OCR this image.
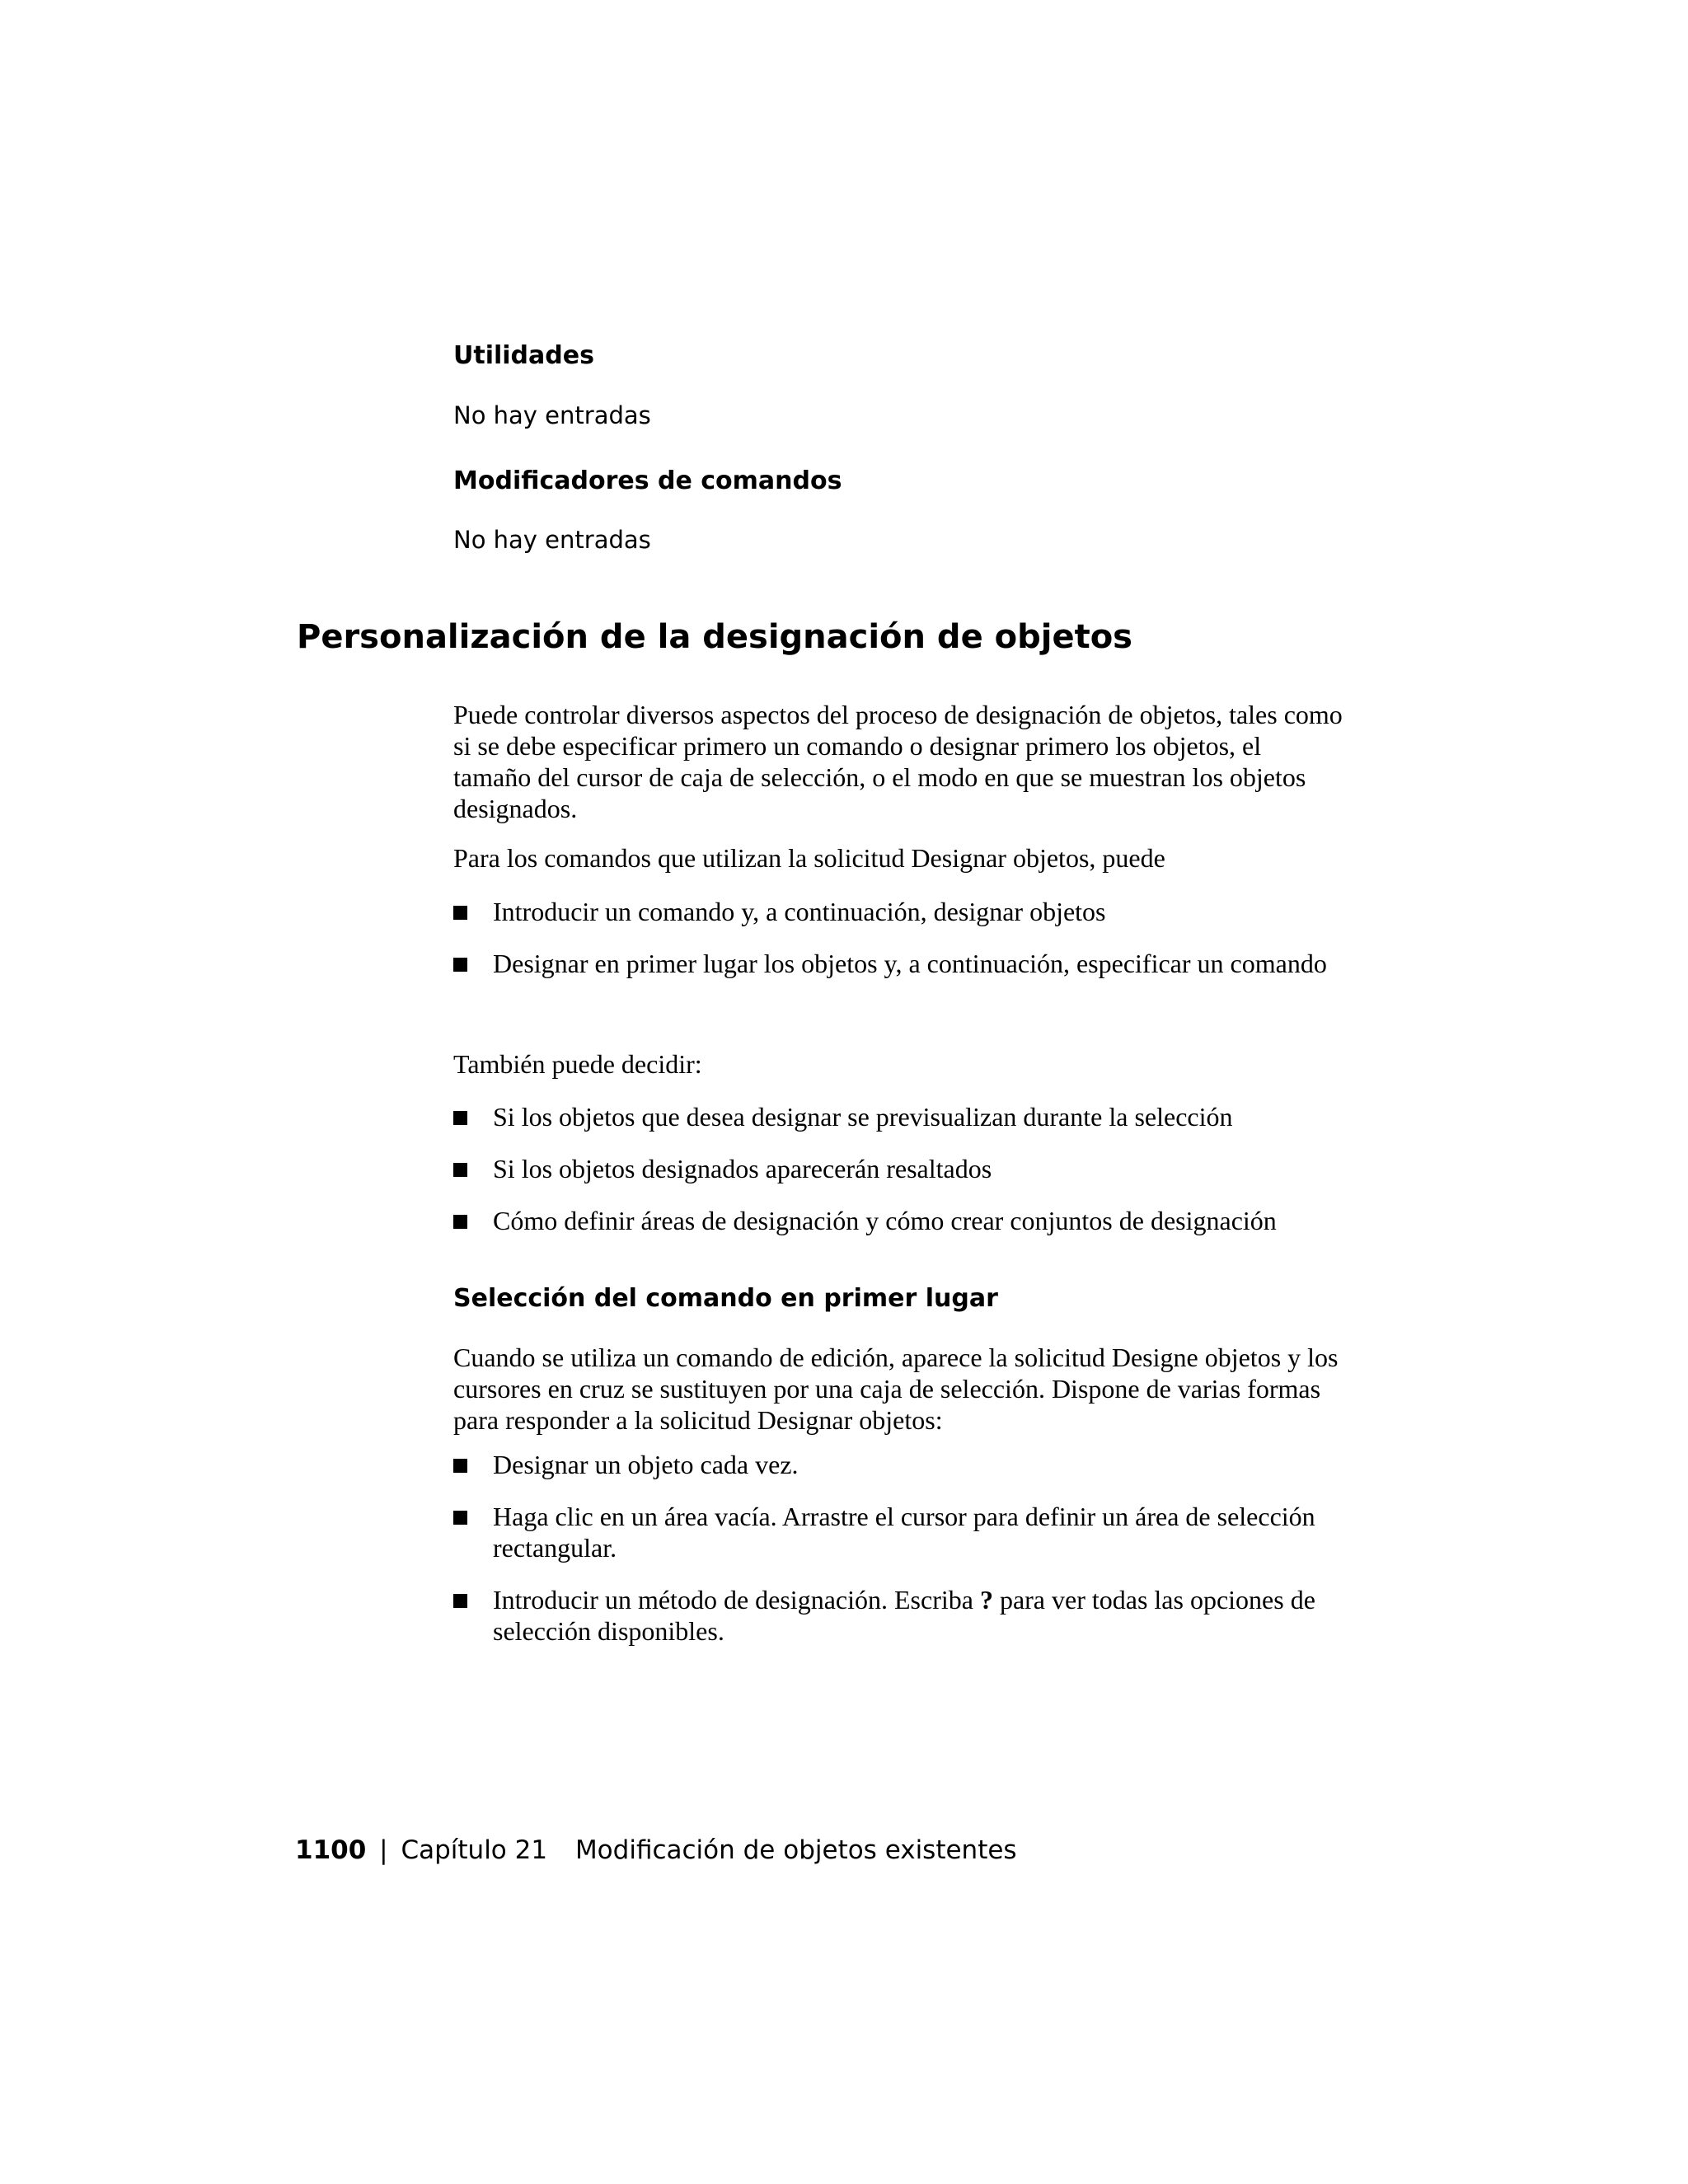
Utilidades

No hay entradas

Modificadores de comandos

No hay entradas

Personalización de la designación de objetos

Puede controlar diversos aspectos del proceso de designación de objetos, tales como si se debe especificar primero un comando o designar primero los objetos, el tamaño del cursor de caja de selección, o el modo en que se muestran los objetos designados.

Para los comandos que utilizan la solicitud Designar objetos, puede

Introducir un comando y, a continuación, designar objetos
Designar en primer lugar los objetos y, a continuación, especificar un comando

También puede decidir:

Si los objetos que desea designar se previsualizan durante la selección
Si los objetos designados aparecerán resaltados
Cómo definir áreas de designación y cómo crear conjuntos de designación
Selección del comando en primer lugar

Cuando se utiliza un comando de edición, aparece la solicitud Designe objetos y los cursores en cruz se sustituyen por una caja de selección. Dispone de varias formas para responder a la solicitud Designar objetos:

Designar un objeto cada vez.
Haga clic en un área vacía. Arrastre el cursor para definir un área de selección rectangular.
Introducir un método de designación. Escriba ? para ver todas las opciones de selección disponibles.
1100 | Capítulo 21 Modificación de objetos existentes
